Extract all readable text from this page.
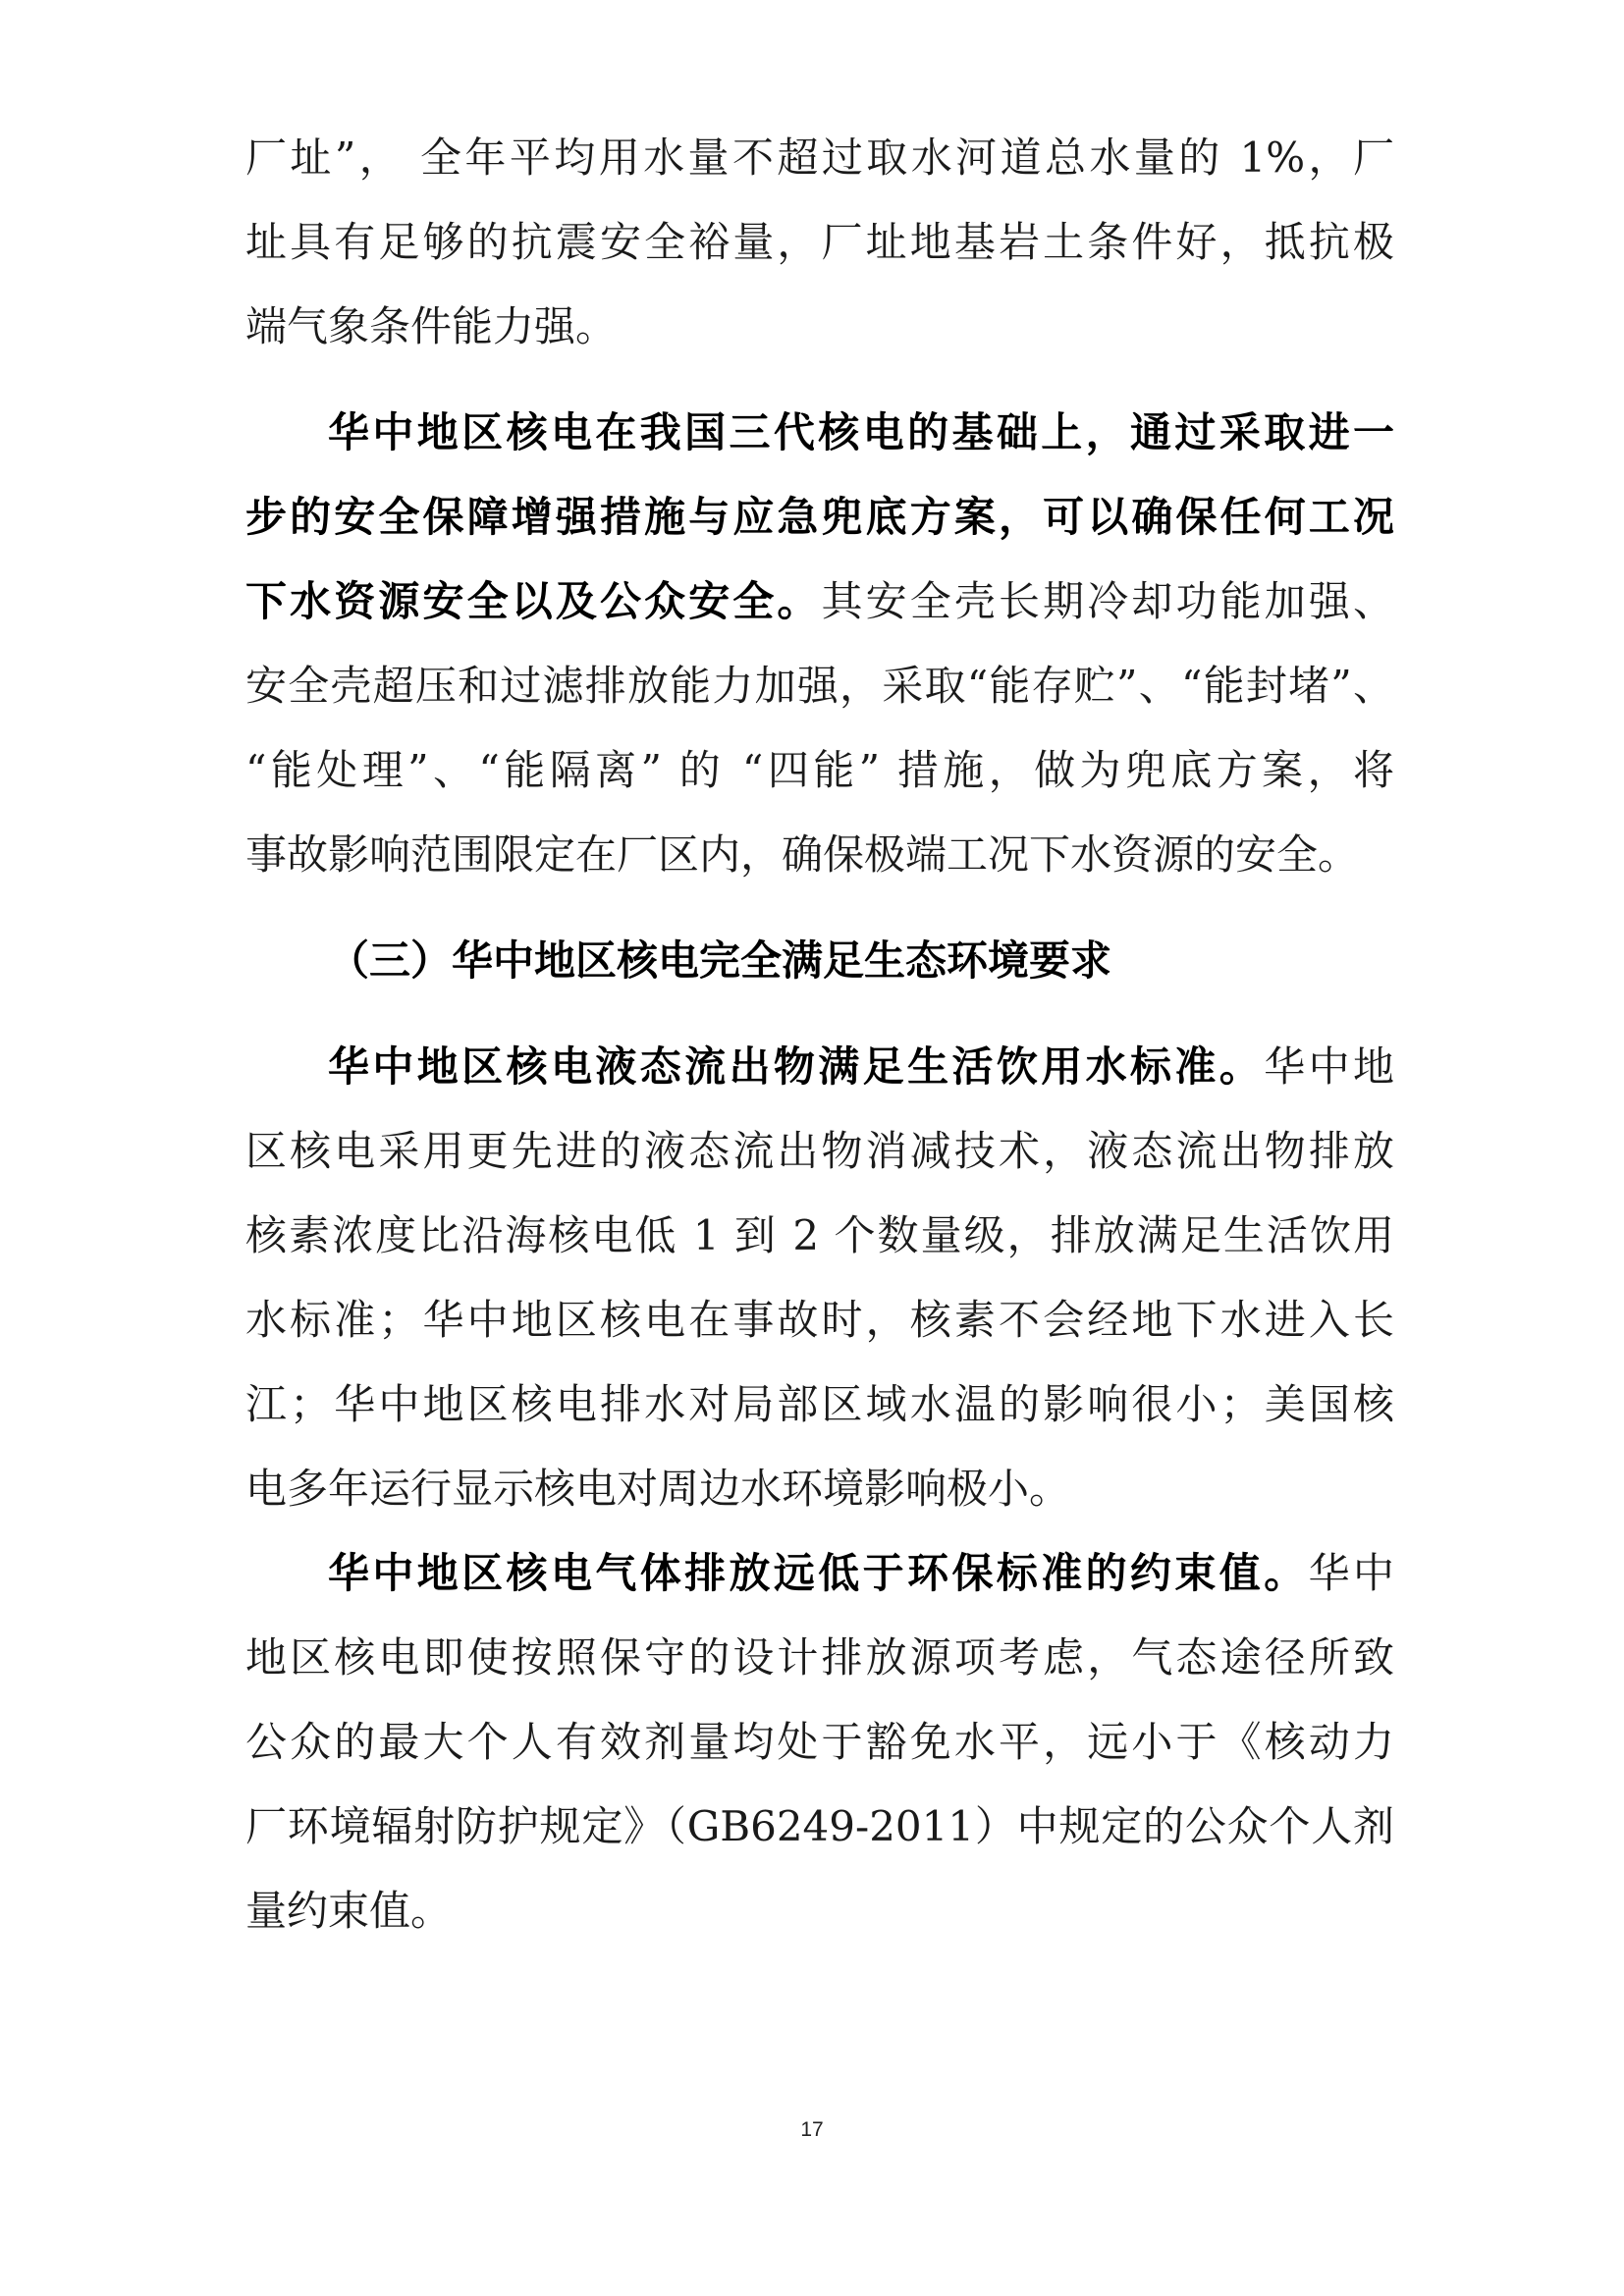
厂址”， 全年平均用水量不超过取水河道总水量的 1%，厂
址具有足够的抗震安全裕量，厂址地基岩土条件好，抵抗极
端气象条件能力强。
华中地区核电在我国三代核电的基础上，通过采取进一
步的安全保障增强措施与应急兜底方案，可以确保任何工况
下水资源安全以及公众安全。其安全壳长期冷却功能加强、
安全壳超压和过滤排放能力加强，采取“能存贮”、“能封堵”、
“能处理”、“能隔离” 的 “四能” 措施，做为兜底方案，将
事故影响范围限定在厂区内，确保极端工况下水资源的安全。
（三）华中地区核电完全满足生态环境要求
华中地区核电液态流出物满足生活饮用水标准。华中地
区核电采用更先进的液态流出物消减技术，液态流出物排放
核素浓度比沿海核电低 1 到 2 个数量级，排放满足生活饮用
水标准；华中地区核电在事故时，核素不会经地下水进入长
江；华中地区核电排水对局部区域水温的影响很小；美国核
电多年运行显示核电对周边水环境影响极小。
华中地区核电气体排放远低于环保标准的约束值。华中
地区核电即使按照保守的设计排放源项考虑，气态途径所致
公众的最大个人有效剂量均处于豁免水平，远小于《核动力
厂环境辐射防护规定》（GB6249-2011）中规定的公众个人剂
量约束值。
17
